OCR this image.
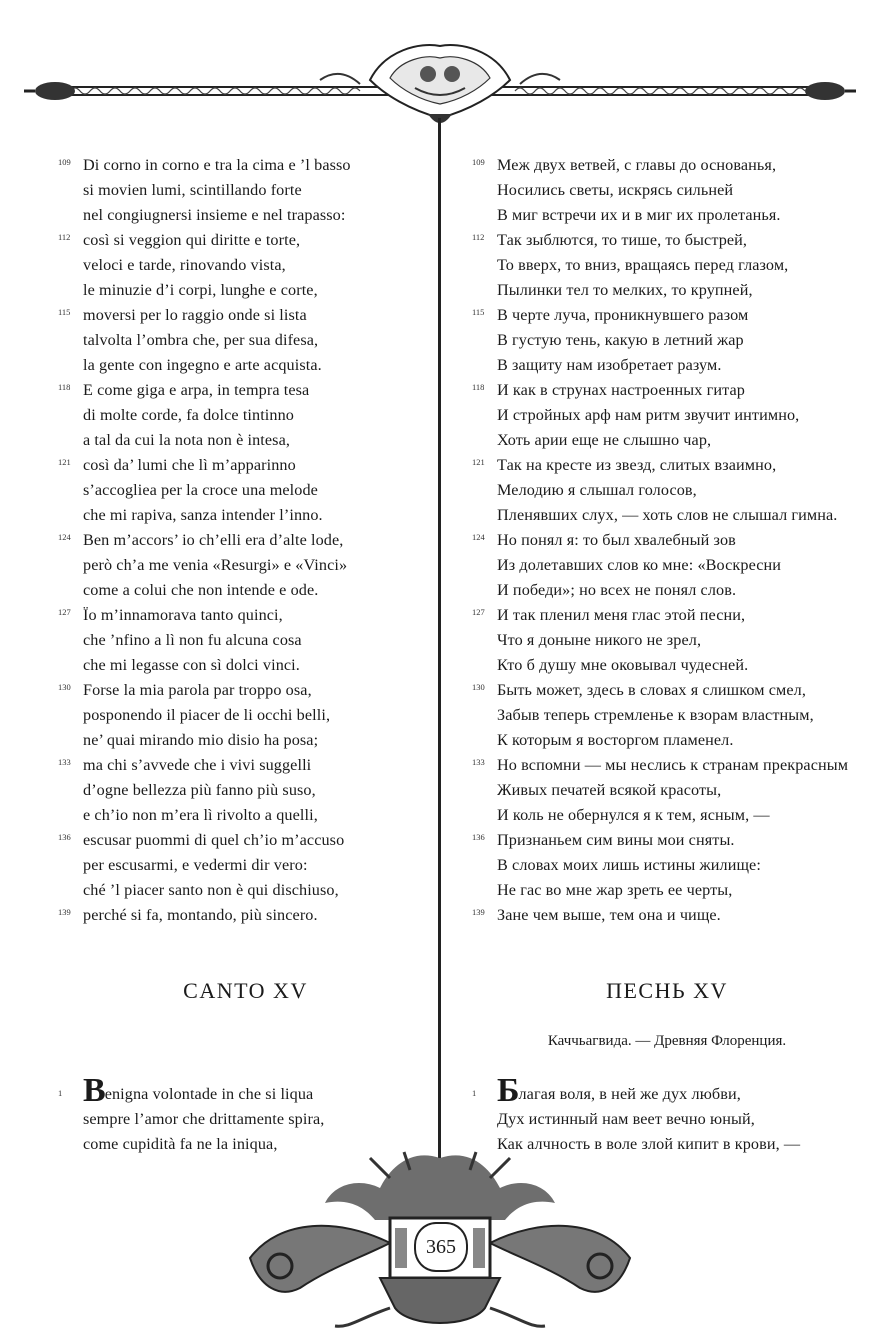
109 Di corno in corno e tra la cima e ’l basso
si movien lumi, scintillando forte
nel congiugnersi insieme e nel trapasso:
112 così si veggion qui diritte e torte,
veloci e tarde, rinovando vista,
le minuzie d’i corpi, lunghe e corte,
115 moversi per lo raggio onde si lista
talvolta l’ombra che, per sua difesa,
la gente con ingegno e arte acquista.
118 E come giga e arpa, in tempra tesa
di molte corde, fa dolce tintinno
a tal da cui la nota non è intesa,
121 così da’ lumi che lì m’apparinno
s’accogliea per la croce una melode
che mi rapiva, sanza intender l’inno.
124 Ben m’accors’ io ch’elli era d’alte lode,
però ch’a me venia «Resurgi» e «Vinci»
come a colui che non intende e ode.
127 Ïo m’innamorava tanto quinci,
che ’nfino a lì non fu alcuna cosa
che mi legasse con sì dolci vinci.
130 Forse la mia parola par troppo osa,
posponendo il piacer de li occhi belli,
ne’ quai mirando mio disio ha posa;
133 ma chi s’avvede che i vivi suggelli
d’ogne bellezza più fanno più suso,
e ch’io non m’era lì rivolto a quelli,
136 escusar puommi di quel ch’io m’accuso
per escusarmi, e vedermi dir vero:
ché ’l piacer santo non è qui dischiuso,
139 perché si fa, montando, più sincero.
109 Меж двух ветвей, с главы до основанья,
Носились светы, искрясь сильней
В миг встречи их и в миг их пролетанья.
112 Так зыблются, то тише, то быстрей,
То вверх, то вниз, вращаясь перед глазом,
Пылинки тел то мелких, то крупней,
115 В черте луча, проникнувшего разом
В густую тень, какую в летний жар
В защиту нам изобретает разум.
118 И как в струнах настроенных гитар
И стройных арф нам ритм звучит интимно,
Хоть арии еще не слышно чар,
121 Так на кресте из звезд, слитых взаимно,
Мелодию я слышал голосов,
Пленявших слух, — хоть слов не слышал гимна.
124 Но понял я: то был хвалебный зов
Из долетавших слов ко мне: «Воскресни
И победи»; но всех не понял слов.
127 И так пленил меня глас этой песни,
Что я доныне никого не зрел,
Кто б душу мне оковывал чудесней.
130 Быть может, здесь в словах я слишком смел,
Забыв теперь стремленье к взорам властным,
К которым я восторгом пламенел.
133 Но вспомни — мы неслись к странам прекрасным
Живых печатей всякой красоты,
И коль не обернулся я к тем, ясным, —
136 Признаньем сим вины мои сняты.
В словах моих лишь истины жилище:
Не гас во мне жар зреть ее черты,
139 Зане чем выше, тем она и чище.
CANTO XV	ПЕСНЬ XV
Каччьагвида. — Древняя Флоренция.
1 Benigna volontade in che si liqua
sempre l’amor che drittamente spira,
come cupidità fa ne la iniqua,
1 Благая воля, в ней же дух любви,
Дух истинный нам веет вечно юный,
Как алчность в воле злой кипит в крови, —
365
